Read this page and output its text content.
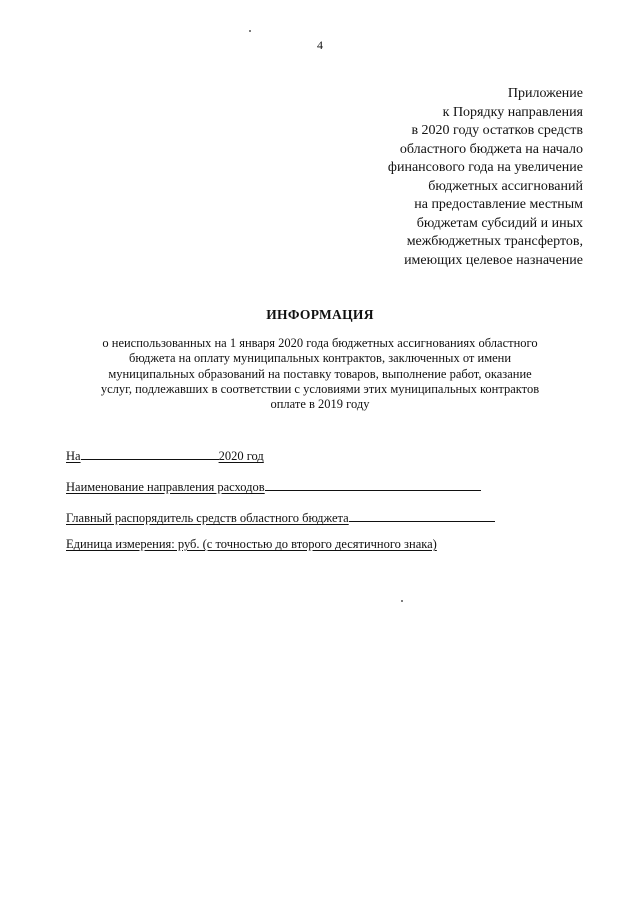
4
Приложение
к Порядку направления
в 2020 году остатков средств
областного бюджета на начало
финансового года на увеличение
бюджетных ассигнований
на предоставление местным
бюджетам субсидий и иных
межбюджетных трансфертов,
имеющих целевое назначение
ИНФОРМАЦИЯ
о неиспользованных на 1 января 2020 года бюджетных ассигнованиях областного
бюджета на оплату муниципальных контрактов, заключенных от имени
муниципальных образований на поставку товаров, выполнение работ, оказание
услуг, подлежавших в соответствии с условиями этих муниципальных контрактов
оплате в 2019 году
На	2020 год
Наименование направления расходов
Главный распорядитель средств областного бюджета
Единица измерения: руб. (с точностью до второго десятичного знака)
